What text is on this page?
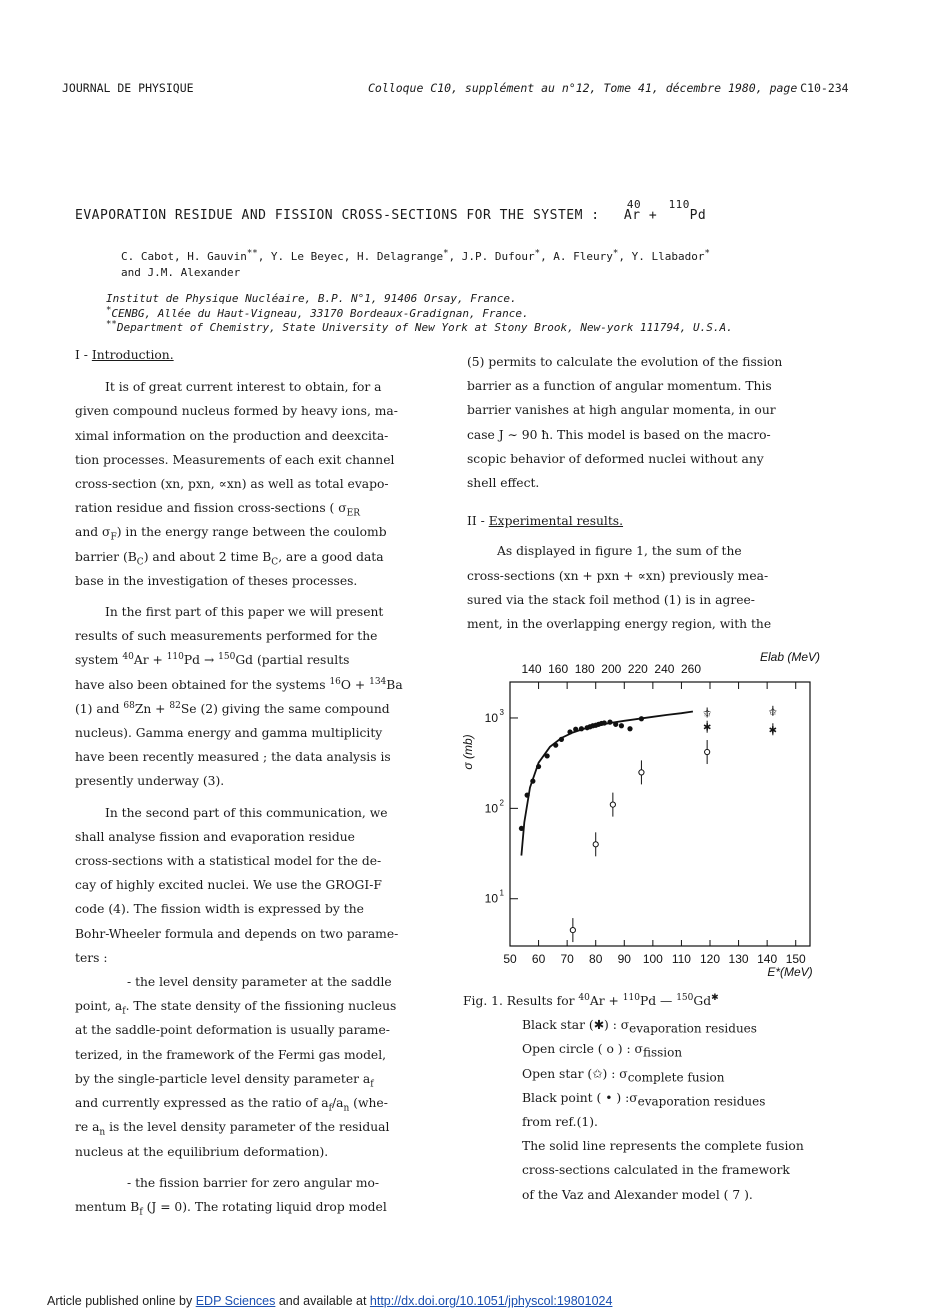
JOURNAL DE PHYSIQUE	Colloque C10, supplément au n°12, Tome 41, décembre 1980, page C10-234
EVAPORATION RESIDUE AND FISSION CROSS-SECTIONS FOR THE SYSTEM :
40
Ar +
110
Pd
C. Cabot, H. Gauvin**, Y. Le Beyec, H. Delagrange*, J.P. Dufour*, A. Fleury*, Y. Llabador*
and J.M. Alexander
Institut de Physique Nucléaire, B.P. N°1, 91406 Orsay, France.
*CENBG, Allée du Haut-Vigneau, 33170 Bordeaux-Gradignan, France.
**Department of Chemistry, State University of New York at Stony Brook, New-york 111794, U.S.A.

I - Introduction.

It is of great current interest to obtain, for a

given compound nucleus formed by heavy ions, ma-

ximal information on the production and deexcita-

tion processes. Measurements of each exit channel

cross-section (xn, pxn, ∝xn) as well as total evapo-

ration residue and fission cross-sections ( $\sigma_{ER}$

and $\sigma_F$) in the energy range between the coulomb

barrier $(B_C)$ and about 2 time $B_C$, are a good data

base in the investigation of theses processes.

In the first part of this paper we will present

results of such measurements performed for the

system $^{40}$Ar + $^{110}$Pd → $^{150}$Gd (partial results

have also been obtained for the systems $^{16}$O + $^{134}$Ba

(1) and $^{68}$Zn + $^{82}$Se (2) giving the same compound

nucleus). Gamma energy and gamma multiplicity

have been recently measured ; the data analysis is

presently underway (3).

In the second part of this communication, we

shall analyse fission and evaporation residue

cross-sections with a statistical model for the de-

cay of highly excited nuclei. We use the GROGI-F

code (4). The fission width is expressed by the

Bohr-Wheeler formula and depends on two parame-

ters :

- the level density parameter at the saddle

point, $a_f$. The state density of the fissioning nucleus

at the saddle-point deformation is usually parame-

terized, in the framework of the Fermi gas model,

by the single-particle level density parameter $a_f$

and currently expressed as the ratio of $a_f/a_n$ (whe-

re $a_n$ is the level density parameter of the residual

nucleus at the equilibrium deformation).

- the fission barrier for zero angular mo-

mentum $B_f$ (J = 0). The rotating liquid drop model

(5) permits to calculate the evolution of the fission

barrier as a function of angular momentum. This

barrier vanishes at high angular momenta, in our

case J ∼ 90 ħ. This model is based on the macro-

scopic behavior of deformed nuclei without any

shell effect.

II - Experimental results.

As displayed in figure 1, the sum of the

cross-sections (xn + pxn + ∝xn) previously mea-

sured via the stack foil method (1) is in agree-

ment, in the overlapping energy region, with the

50 60 70 80 90 100 110 120 130 140 150
140 160 180 200 220 240 260
10 1
10 2
10 3
E*(MeV)
Elab (MeV)
σ (mb)
✱	✱
✩	✩

Fig. 1. Results for $^{40}$Ar + $^{110}$Pd — $^{150}$Gd✱

Black star (✱) : $\sigma_{evaporation residues}$

Open circle ( o ) : $\sigma_{fission}$

Open star (✩) : $\sigma_{complete fusion}$

Black point ( • ) $:\sigma_{evaporation residues}$

from ref.(1).

The solid line represents the complete fusion

cross-sections calculated in the framework

of the Vaz and Alexander model ( 7 ).

Article published online by EDP Sciences and available at http://dx.doi.org/10.1051/jphyscol:19801024
